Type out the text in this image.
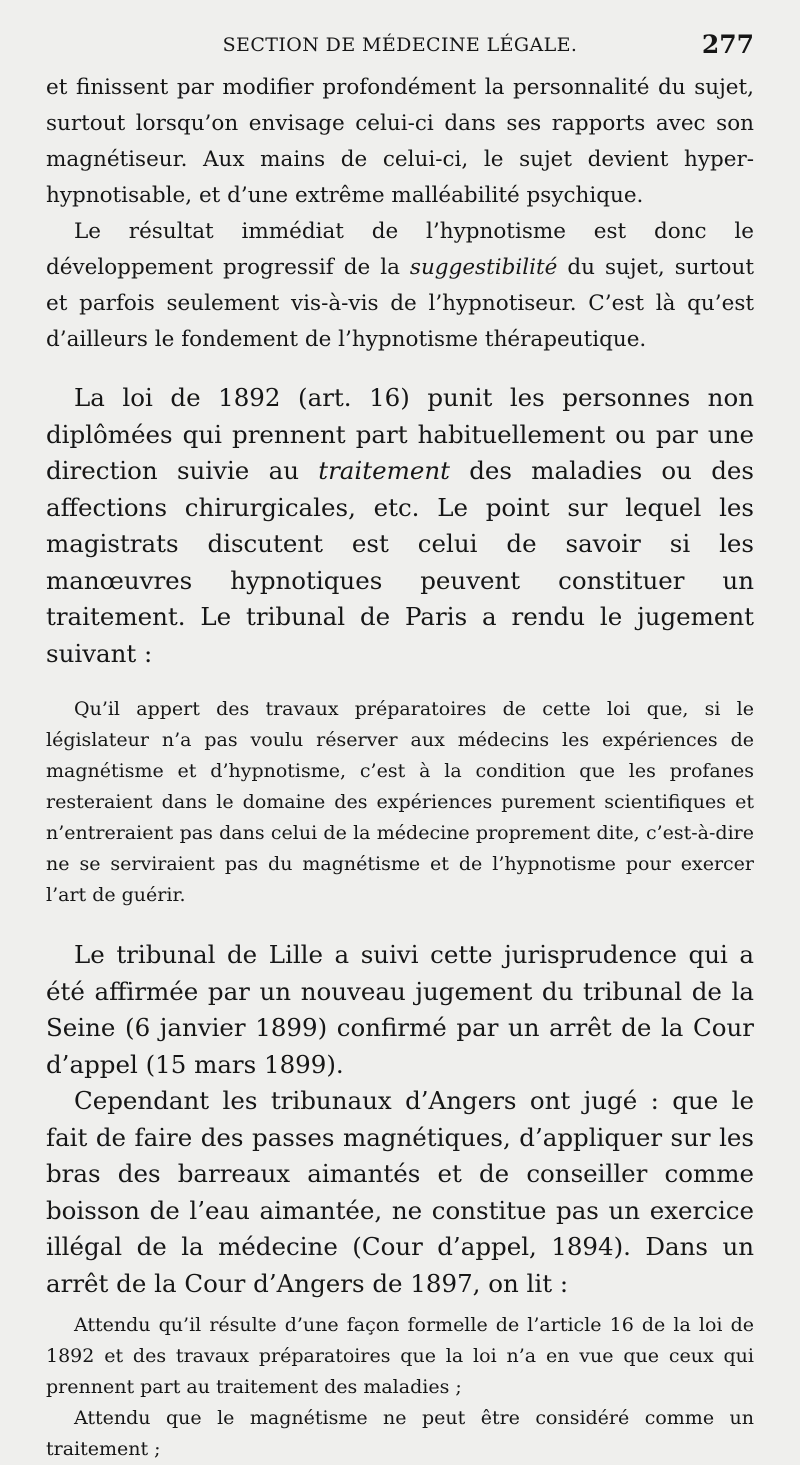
SECTION DE MÉDECINE LÉGALE.	277

et finissent par modifier profondément la personnalité du sujet, surtout lorsqu’on envisage celui-ci dans ses rapports avec son magnétiseur. Aux mains de celui-ci, le sujet devient hyper-hypnotisable, et d’une extrême malléabilité psychique.

Le résultat immédiat de l’hypnotisme est donc le développement progressif de la suggestibilité du sujet, surtout et parfois seulement vis-à-vis de l’hypnotiseur. C’est là qu’est d’ailleurs le fondement de l’hypnotisme thérapeutique.

La loi de 1892 (art. 16) punit les personnes non diplômées qui prennent part habituellement ou par une direction suivie au traitement des maladies ou des affections chirurgicales, etc. Le point sur lequel les magistrats discutent est celui de savoir si les manœuvres hypnotiques peuvent constituer un traitement. Le tribunal de Paris a rendu le jugement suivant :

Qu’il appert des travaux préparatoires de cette loi que, si le législateur n’a pas voulu réserver aux médecins les expériences de magnétisme et d’hypnotisme, c’est à la condition que les profanes resteraient dans le domaine des expériences purement scientifiques et n’entreraient pas dans celui de la médecine proprement dite, c’est-à-dire ne se serviraient pas du magnétisme et de l’hypnotisme pour exercer l’art de guérir.

Le tribunal de Lille a suivi cette jurisprudence qui a été affirmée par un nouveau jugement du tribunal de la Seine (6 janvier 1899) confirmé par un arrêt de la Cour d’appel (15 mars 1899).

Cependant les tribunaux d’Angers ont jugé : que le fait de faire des passes magnétiques, d’appliquer sur les bras des barreaux aimantés et de conseiller comme boisson de l’eau aimantée, ne constitue pas un exercice illégal de la médecine (Cour d’appel, 1894). Dans un arrêt de la Cour d’Angers de 1897, on lit :

Attendu qu’il résulte d’une façon formelle de l’article 16 de la loi de 1892 et des travaux préparatoires que la loi n’a en vue que ceux qui prennent part au traitement des maladies ;

Attendu que le magnétisme ne peut être considéré comme un traitement ;
